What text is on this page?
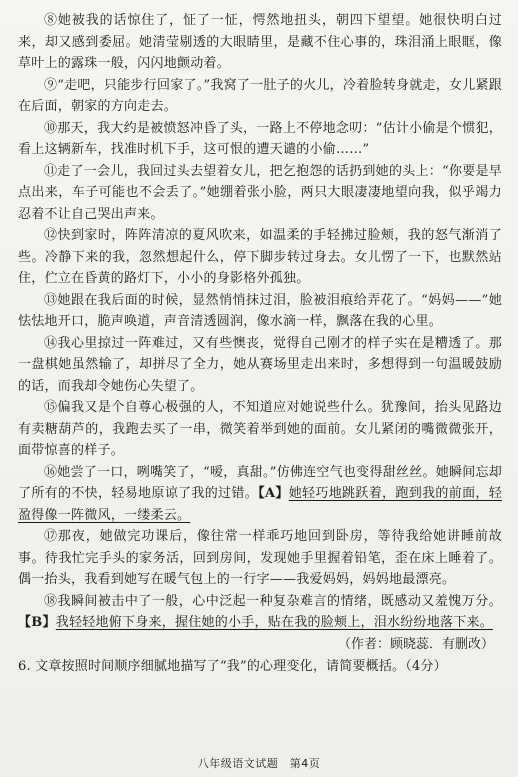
⑧她被我的话惊住了，怔了一怔，愕然地扭头，朝四下望望。她很快明白过来，却又感到委屈。她清莹剔透的大眼睛里，是藏不住心事的，珠泪涌上眼眶，像草叶上的露珠一般，闪闪地颤动着。

⑨“走吧，只能步行回家了。”我窝了一肚子的火儿，冷着脸转身就走，女儿紧跟在后面，朝家的方向走去。

⑩那天，我大约是被愤怒冲昏了头，一路上不停地念叨：“估计小偷是个惯犯，看上这辆新车，找准时机下手，这可恨的遭天谴的小偷……”

⑪走了一会儿，我回过头去望着女儿，把乞抱怨的话扔到她的头上：“你要是早点出来，车子可能也不会丢了。”她绷着张小脸，两只大眼凄凄地望向我，似乎竭力忍着不让自己哭出声来。

⑫快到家时，阵阵清凉的夏风吹来，如温柔的手轻拂过脸颊，我的怒气渐消了些。冷静下来的我，忽然想起什么，停下脚步转过身去。女儿愣了一下，也默然站住，伫立在昏黄的路灯下，小小的身影格外孤独。

⑬她跟在我后面的时候，显然悄悄抹过泪，脸被泪痕给弄花了。“妈妈——”她怯怯地开口，脆声唤道，声音清透圆润，像水滴一样，飘落在我的心里。

⑭我心里掠过一阵难过，又有些懊丧，觉得自己刚才的样子实在是糟透了。那一盘棋她虽然输了，却拼尽了全力，她从赛场里走出来时，多想得到一句温暖鼓励的话，而我却令她伤心失望了。

⑮偏我又是个自尊心极强的人，不知道应对她说些什么。犹豫间，抬头见路边有卖糖葫芦的，我跑去买了一串，微笑着举到她的面前。女儿紧闭的嘴微微张开，面带惊喜的样子。

⑯她尝了一口，咧嘴笑了，“嗳，真甜。”仿佛连空气也变得甜丝丝。她瞬间忘却了所有的不快，轻易地原谅了我的过错。【A】她轻巧地跳跃着，跑到我的前面，轻盈得像一阵微风，一缕柔云。

⑰那夜，她做完功课后，像往常一样乖巧地回到卧房，等待我给她讲睡前故事。待我忙完手头的家务活，回到房间，发现她手里握着铅笔，歪在床上睡着了。偶一抬头，我看到她写在暖气包上的一行字——我爱妈妈，妈妈地最漂亮。

⑱我瞬间被击中了一般，心中泛起一种复杂难言的情绪，既感动又羞愧万分。【B】我轻轻地俯下身来，握住她的小手，贴在我的脸颊上，泪水纷纷地落下来。

（作者：顾晓蕊．有删改）

6. 文章按照时间顺序细腻地描写了“我”的心理变化，请简要概括。（4分）

八年级语文试题　第4页
